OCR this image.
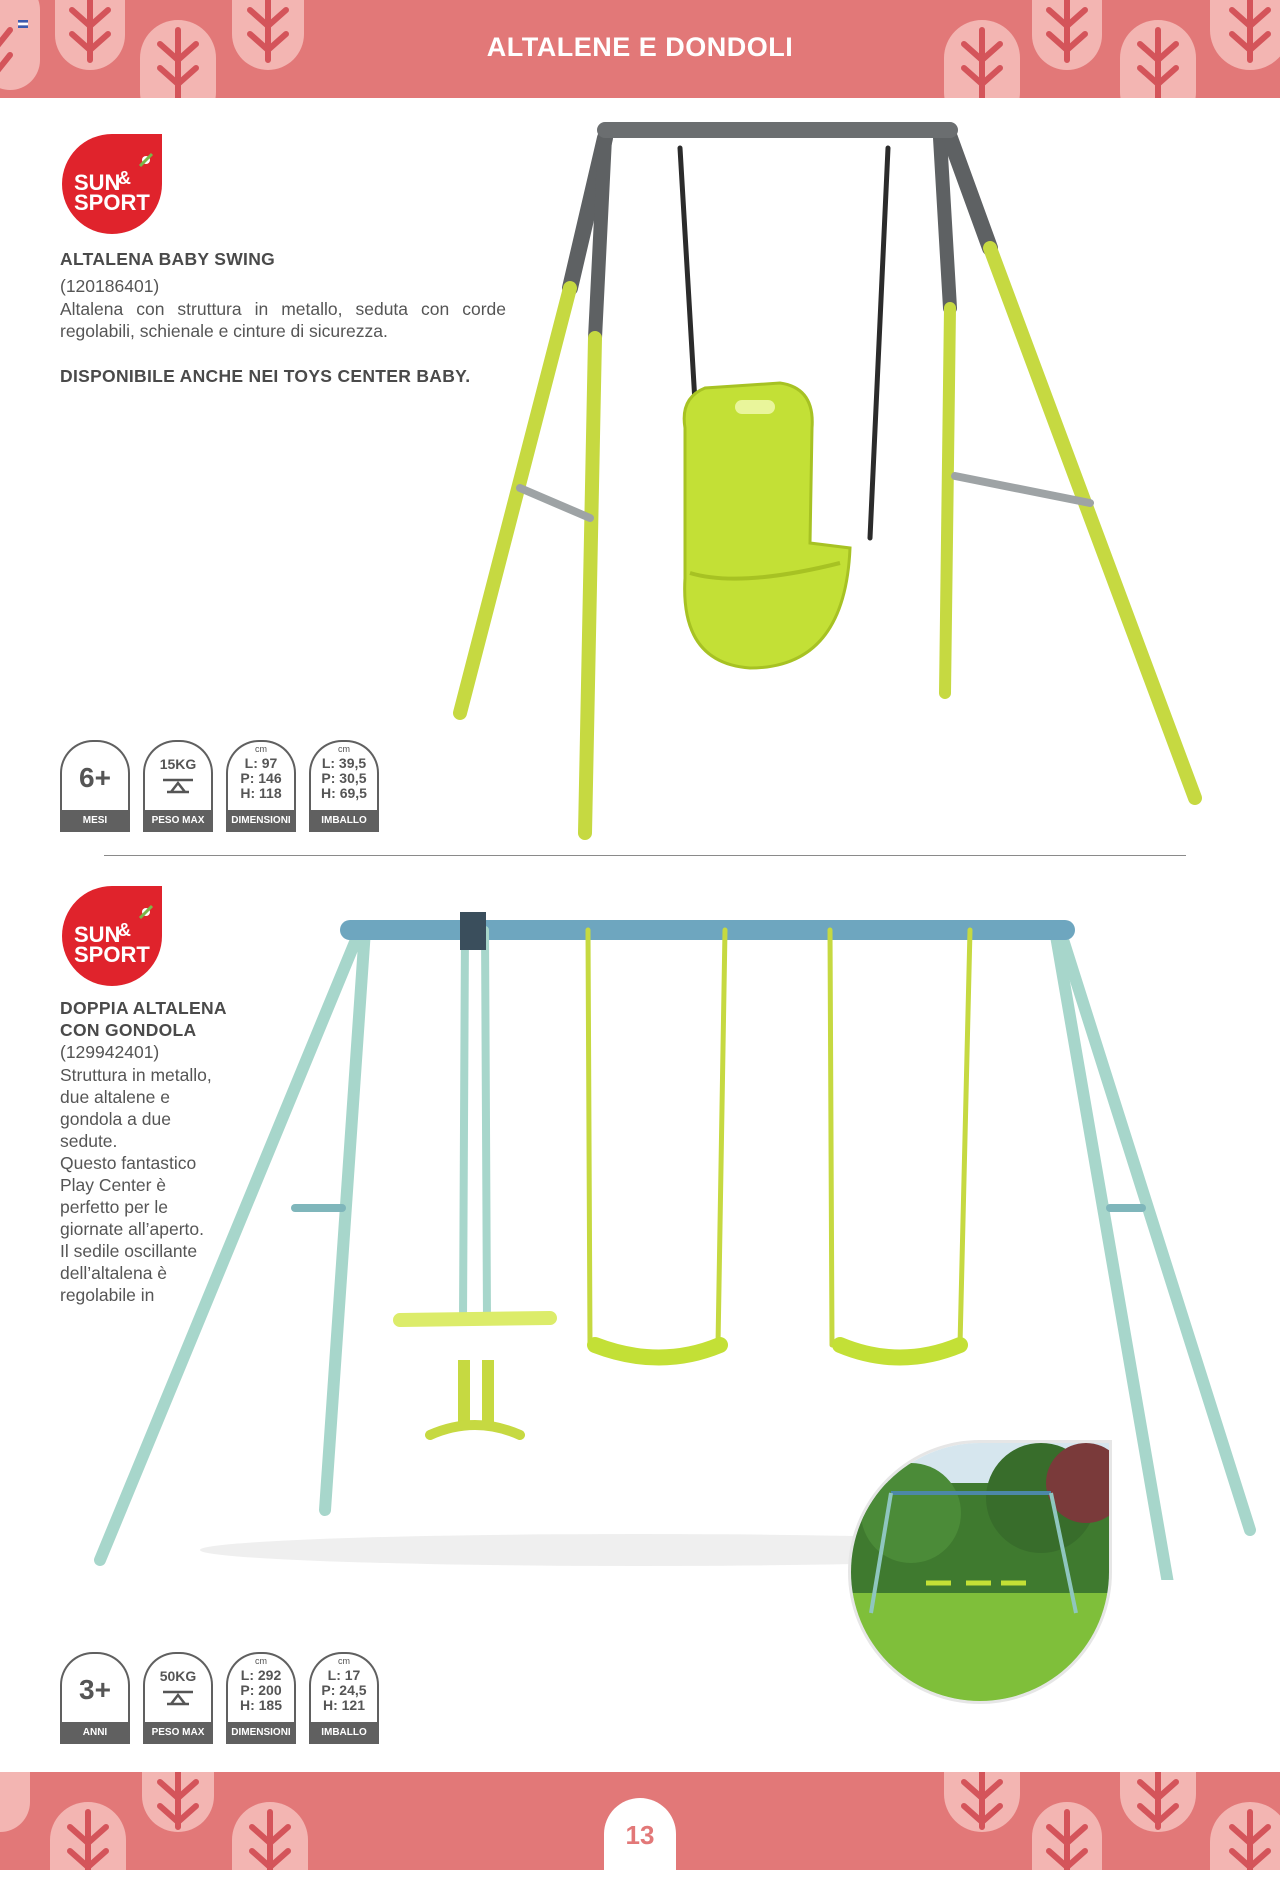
ALTALENE E DONDOLI
SUN
&
SPORT
ALTALENA BABY SWING
(120186401)
Altalena con struttura in metallo, seduta con corde regolabili, schienale e cinture di sicurezza.
DISPONIBILE ANCHE NEI TOYS CENTER BABY.
6+
MESI
15KG
PESO MAX
cm
L: 97
P: 146
H: 118
DIMENSIONI
cm
L: 39,5
P: 30,5
H: 69,5
IMBALLO
SUN
&
SPORT
DOPPIA ALTALENA
CON GONDOLA
(129942401)
Struttura in metallo,
due altalene e
gondola a due
sedute.
Questo fantastico
Play Center è
perfetto per le
giornate all’aperto.
Il sedile oscillante
dell’altalena è
regolabile in
3+
ANNI
50KG
PESO MAX
cm
L: 292
P: 200
H: 185
DIMENSIONI
cm
L: 17
P: 24,5
H: 121
IMBALLO
13
